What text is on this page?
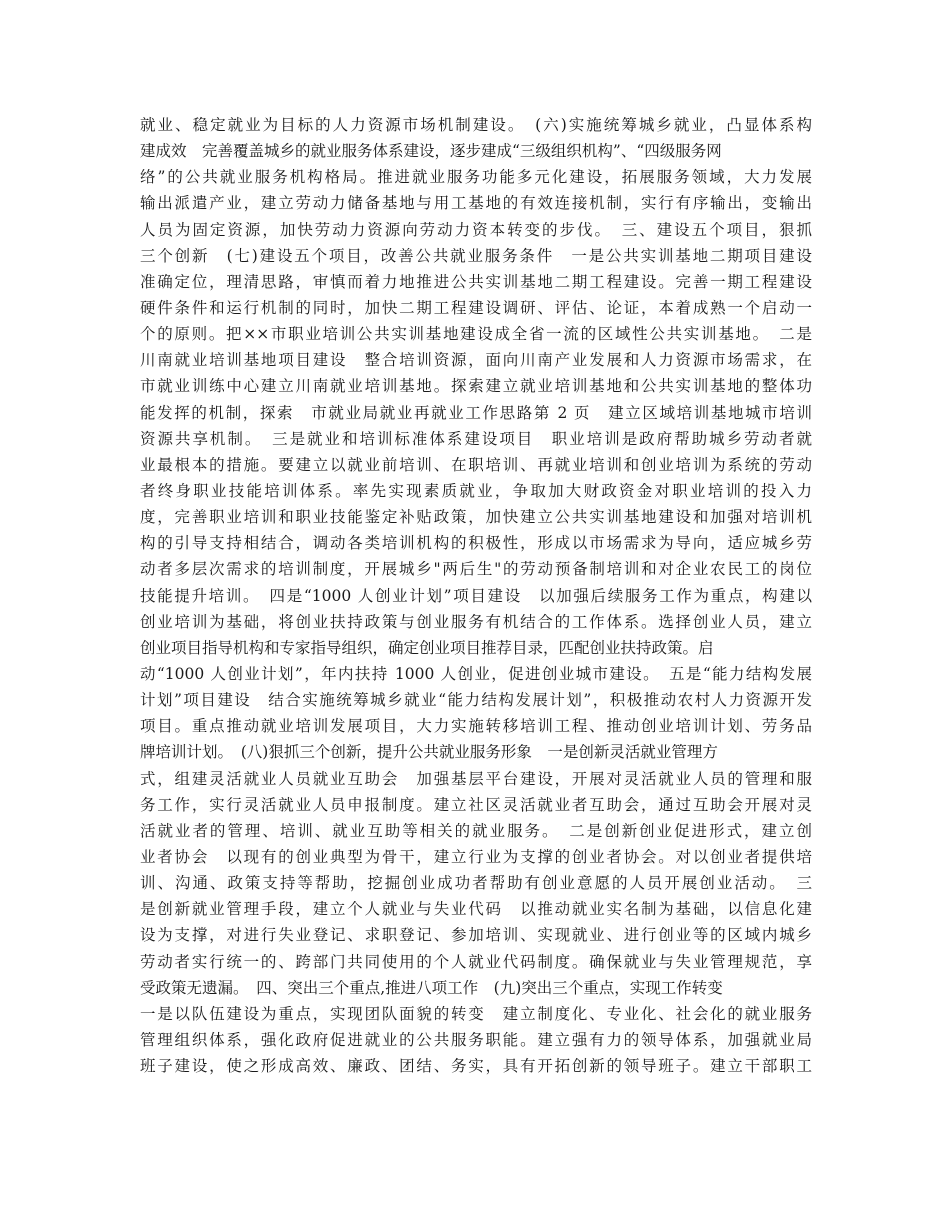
就业、稳定就业为目标的人力资源市场机制建设。　(六)实施统筹城乡就业，凸显体系构
建成效　完善覆盖城乡的就业服务体系建设，逐步建成“三级组织机构”、“四级服务网
络”的公共就业服务机构格局。推进就业服务功能多元化建设，拓展服务领域，大力发展
输出派遣产业，建立劳动力储备基地与用工基地的有效连接机制，实行有序输出，变输出
人员为固定资源，加快劳动力资源向劳动力资本转变的步伐。　三、建设五个项目，狠抓
三个创新　(七)建设五个项目，改善公共就业服务条件　一是公共实训基地二期项目建设
准确定位，理清思路，审慎而着力地推进公共实训基地二期工程建设。完善一期工程建设
硬件条件和运行机制的同时，加快二期工程建设调研、评估、论证，本着成熟一个启动一
个的原则。把××市职业培训公共实训基地建设成全省一流的区域性公共实训基地。　二是
川南就业培训基地项目建设　整合培训资源，面向川南产业发展和人力资源市场需求，在
市就业训练中心建立川南就业培训基地。探索建立就业培训基地和公共实训基地的整体功
能发挥的机制，探索　市就业局就业再就业工作思路第 2 页　建立区域培训基地城市培训
资源共享机制。　三是就业和培训标准体系建设项目　职业培训是政府帮助城乡劳动者就
业最根本的措施。要建立以就业前培训、在职培训、再就业培训和创业培训为系统的劳动
者终身职业技能培训体系。率先实现素质就业，争取加大财政资金对职业培训的投入力
度，完善职业培训和职业技能鉴定补贴政策，加快建立公共实训基地建设和加强对培训机
构的引导支持相结合，调动各类培训机构的积极性，形成以市场需求为导向，适应城乡劳
动者多层次需求的培训制度，开展城乡"两后生"的劳动预备制培训和对企业农民工的岗位
技能提升培训。　四是“1000 人创业计划”项目建设　以加强后续服务工作为重点，构建以
创业培训为基础，将创业扶持政策与创业服务有机结合的工作体系。选择创业人员，建立
创业项目指导机构和专家指导组织，确定创业项目推荐目录，匹配创业扶持政策。启
动“1000 人创业计划”，年内扶持 1000 人创业，促进创业城市建设。　五是“能力结构发展
计划”项目建设　结合实施统筹城乡就业“能力结构发展计划”，积极推动农村人力资源开发
项目。重点推动就业培训发展项目，大力实施转移培训工程、推动创业培训计划、劳务品
牌培训计划。　(八)狠抓三个创新，提升公共就业服务形象　一是创新灵活就业管理方
式，组建灵活就业人员就业互助会　加强基层平台建设，开展对灵活就业人员的管理和服
务工作，实行灵活就业人员申报制度。建立社区灵活就业者互助会，通过互助会开展对灵
活就业者的管理、培训、就业互助等相关的就业服务。　二是创新创业促进形式，建立创
业者协会　以现有的创业典型为骨干，建立行业为支撑的创业者协会。对以创业者提供培
训、沟通、政策支持等帮助，挖掘创业成功者帮助有创业意愿的人员开展创业活动。　三
是创新就业管理手段，建立个人就业与失业代码　以推动就业实名制为基础，以信息化建
设为支撑，对进行失业登记、求职登记、参加培训、实现就业、进行创业等的区域内城乡
劳动者实行统一的、跨部门共同使用的个人就业代码制度。确保就业与失业管理规范，享
受政策无遗漏。　四、突出三个重点,推进八项工作　(九)突出三个重点，实现工作转变
一是以队伍建设为重点，实现团队面貌的转变　建立制度化、专业化、社会化的就业服务
管理组织体系，强化政府促进就业的公共服务职能。建立强有力的领导体系，加强就业局
班子建设，使之形成高效、廉政、团结、务实，具有开拓创新的领导班子。建立干部职工
